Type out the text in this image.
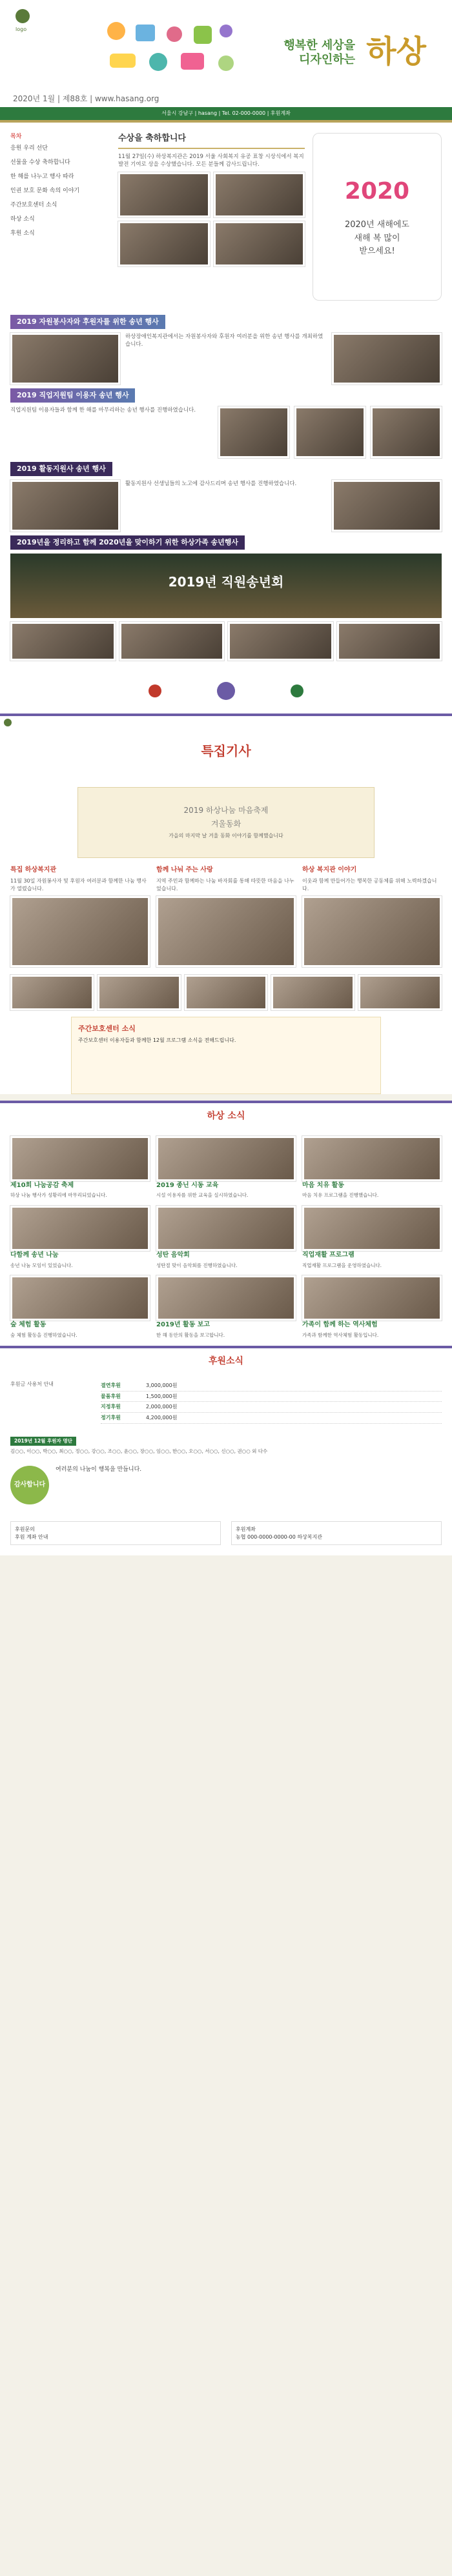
logo
행복한 세상을
디자인하는 하상
2020년 1월 | 제88호 | www.hasang.org
서울시 강남구 | hasang | Tel. 02-000-0000 | 후원계좌
목차
응원 우리 선단
선물을 수상 축하합니다
한 해를 나누고 행사 따라
인권 보호 문화 속의 이야기
주간보호센터 소식
하상 소식
후원 소식
수상을 축하합니다
11월 27일(수) 하상복지관은 2019 서울 사회복지 유공 표창 시상식에서 복지 발전 기여로 상을 수상했습니다. 모든 분들께 감사드립니다.
2020
2020년 새해에도
새해 복 많이
받으세요!
2019 자원봉사자와 후원자를 위한 송년 행사
하상장애인복지관에서는 자원봉사자와 후원자 여러분을 위한 송년 행사를 개최하였습니다.
2019 직업지원팀 이용자 송년 행사
직업지원팀 이용자들과 함께 한 해를 마무리하는 송년 행사를 진행하였습니다.
2019 활동지원사 송년 행사
활동지원사 선생님들의 노고에 감사드리며 송년 행사를 진행하였습니다.
2019년을 정리하고 함께 2020년을 맞이하기 위한 하상가족 송년행사
2019년 직원송년회
특집기사
2019 하상나눔 마음축제
겨울동화
가을의 마지막 날 겨울 동화 이야기를 함께했습니다
특집 하상복지관
11월 30일 자원봉사자 및 후원자 여러분과 함께한 나눔 행사가 열렸습니다.
함께 나눠 주는 사랑
지역 주민과 함께하는 나눔 바자회를 통해 따뜻한 마음을 나누었습니다.
하상 복지관 이야기
이웃과 함께 만들어가는 행복한 공동체를 위해 노력하겠습니다.
주간보호센터 소식
주간보호센터 이용자들과 함께한 12월 프로그램 소식을 전해드립니다.
하상 소식
제10회 나눔공감 축제
하상 나눔 행사가 성황리에 마무리되었습니다.
2019 종닌 시동 교육
시설 이용자를 위한 교육을 실시하였습니다.
마음 치유 활동
마음 치유 프로그램을 진행했습니다.
다함께 송년 나눔
송년 나눔 모임이 있었습니다.
성탄 음악회
성탄절 맞이 음악회를 진행하였습니다.
직업재활 프로그램
직업재활 프로그램을 운영하였습니다.
숲 체험 활동
숲 체험 활동을 진행하였습니다.
2019년 활동 보고
한 해 동안의 활동을 보고합니다.
가족이 함께 하는 역사체험
가족과 함께한 역사체험 활동입니다.
후원소식
후원금 사용처 안내	결연후원	3,000,000원
물품후원	1,500,000원
지정후원	2,000,000원
정기후원	4,200,000원
2019년 12월 후원자 명단
김○○, 이○○, 박○○, 최○○, 정○○, 강○○, 조○○, 윤○○, 장○○, 임○○, 한○○, 오○○, 서○○, 신○○, 권○○ 외 다수
감사합니다
여러분의 나눔이 행복을 만듭니다.
후원문의
후원 계좌 안내
후원계좌
농협 000-0000-0000-00 하상복지관
